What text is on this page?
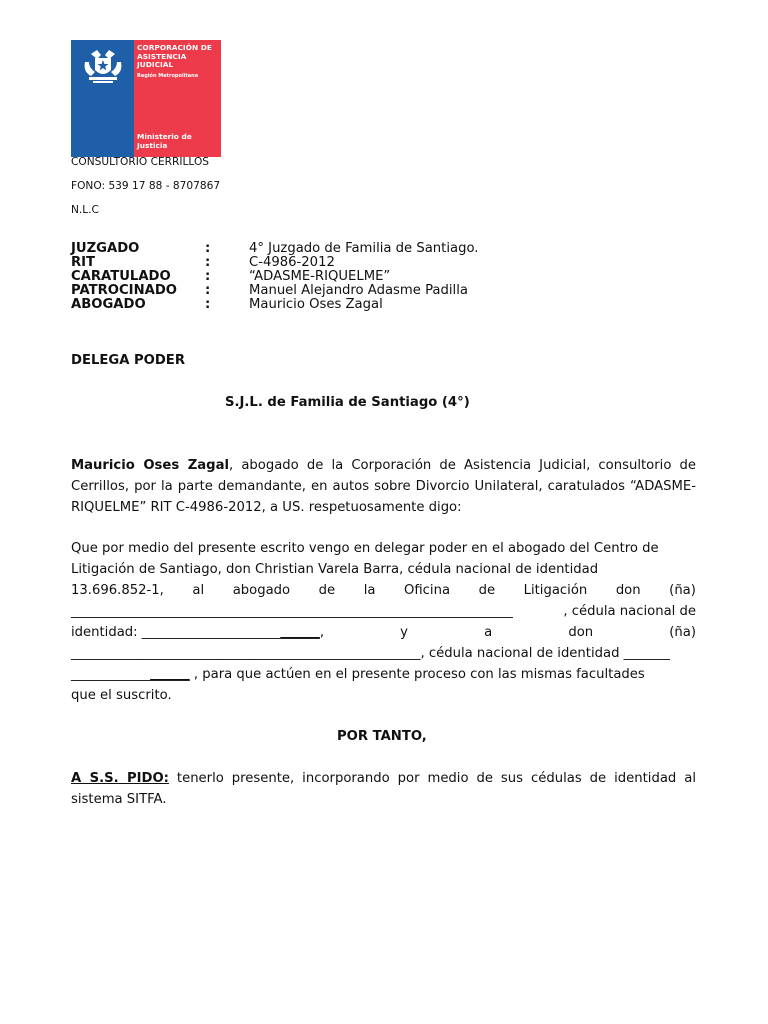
CORPORACIÓN DE
ASISTENCIA
JUDICIAL
Región Metropolitana
Ministerio de
Justicia

CONSULTORIO CERRILLOS

FONO: 539 17 88 - 8707867

N.L.C

JUZGADO	:	4° Juzgado de Familia de Santiago.
RIT	:	C-4986-2012
CARATULADO	:	“ADASME-RIQUELME”
PATROCINADO	:	Manuel Alejandro Adasme Padilla
ABOGADO	:	Mauricio Oses Zagal

DELEGA PODER

S.J.L. de Familia de Santiago (4°)

Mauricio Oses Zagal, abogado de la Corporación de Asistencia Judicial, consultorio de Cerrillos, por la parte demandante, en autos sobre Divorcio Unilateral, caratulados “ADASME-RIQUELME” RIT C-4986-2012, a US. respetuosamente digo:

Que por medio del presente escrito vengo en delegar poder en el abogado del Centro de
Litigación de Santiago, don Christian Varela Barra, cédula nacional de identidad
13.696.852-1, al abogado de la Oficina de Litigación don (ña)
___________________________________________________________________	, cédula nacional de
identidad: ___________________________,	y	a	don	(ña)
_____________________________________________________ , cédula nacional de identidad _______
____________ ______ , para que actúen en el presente proceso con las mismas facultades
que el suscrito.

POR TANTO,

A S.S. PIDO: tenerlo presente, incorporando por medio de sus cédulas de identidad al sistema SITFA.
